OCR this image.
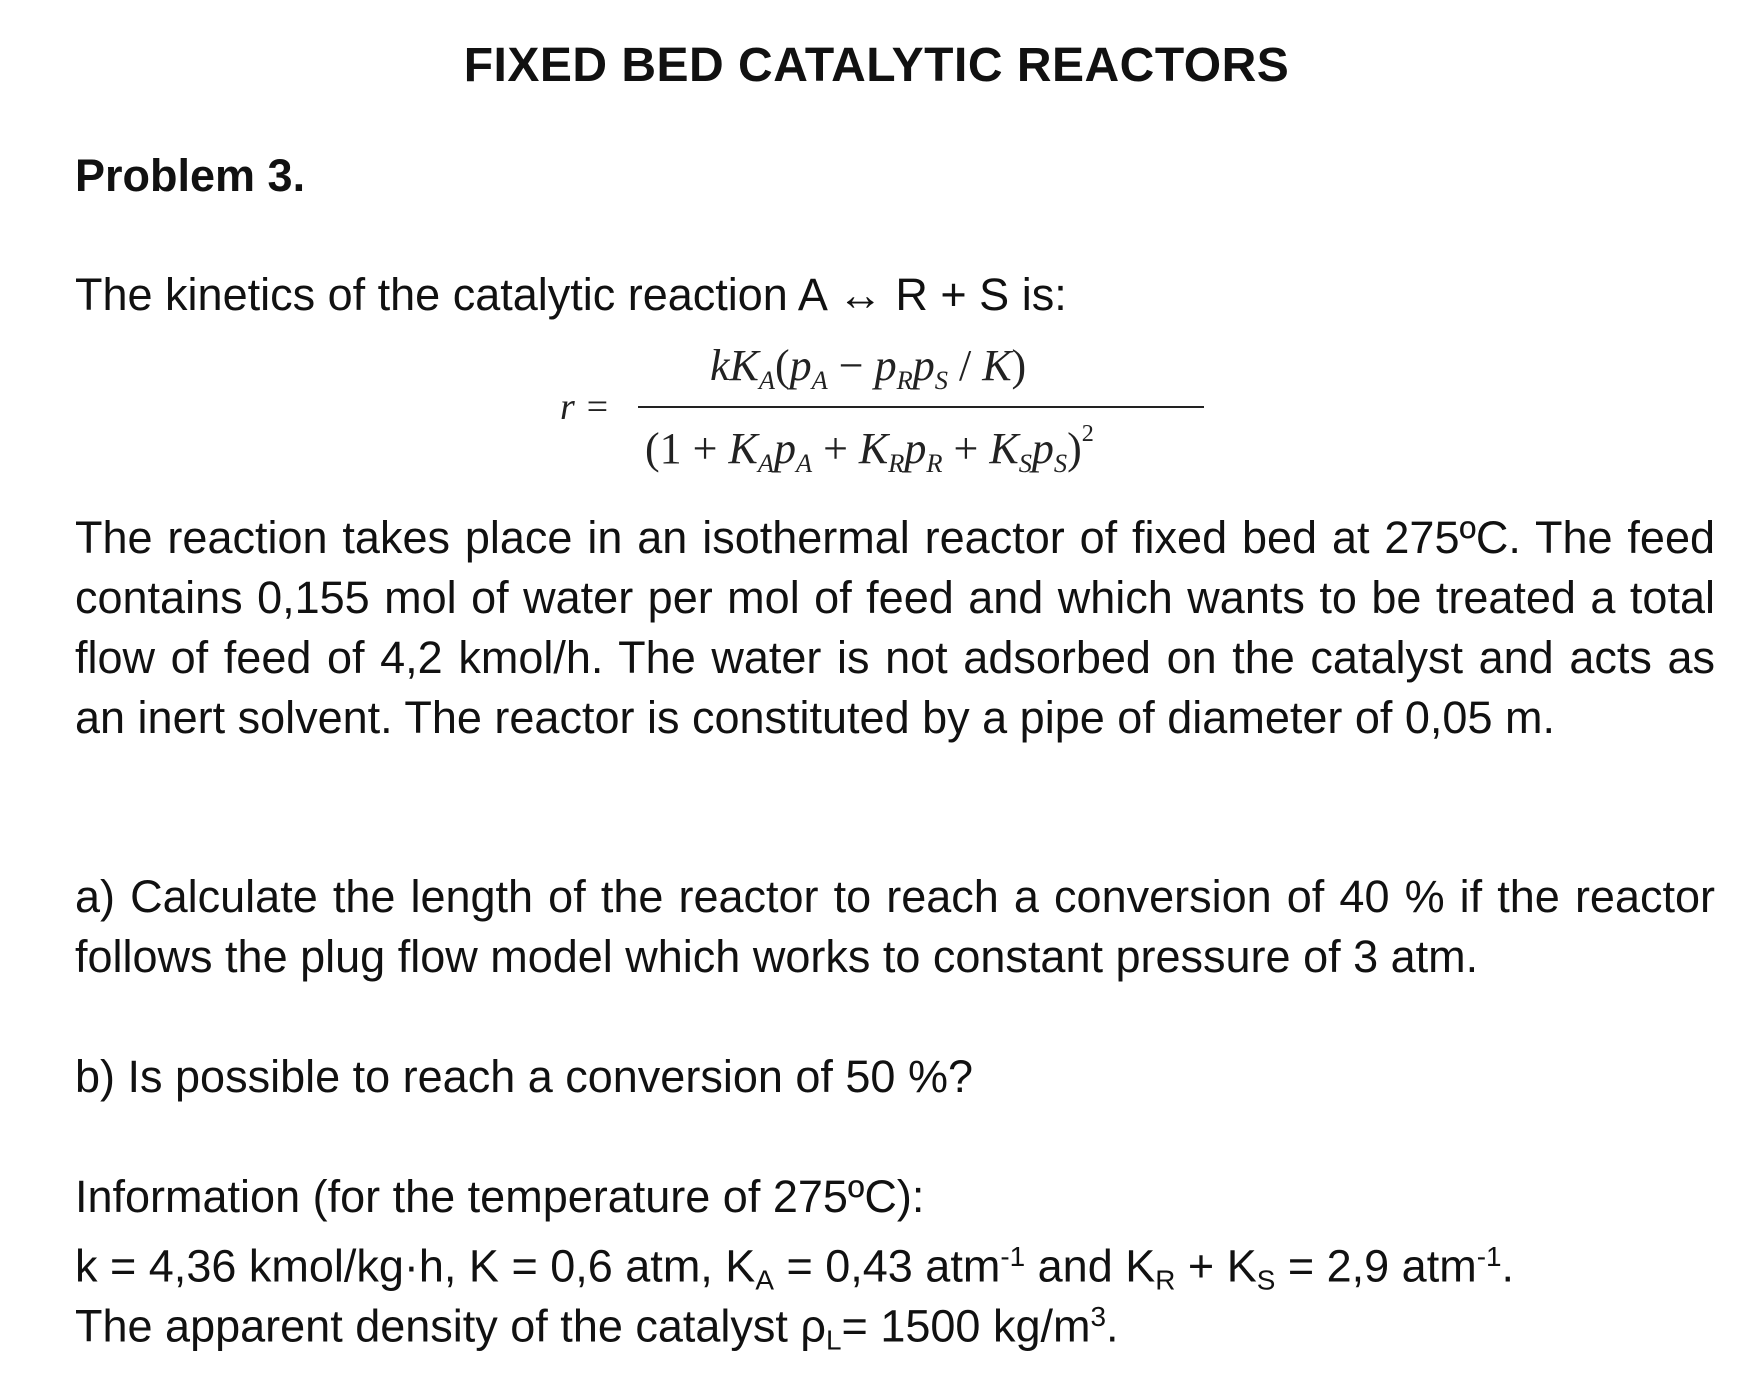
FIXED BED CATALYTIC REACTORS
Problem 3.

The kinetics of the catalytic reaction A ↔ R + S is:

r =
$kK_A(p_A - p_Rp_S / K)$
$(1 + K_Ap_A + K_Rp_R + K_Sp_S)^2$

The reaction takes place in an isothermal reactor of fixed bed at 275ºC. The feed contains 0,155 mol of water per mol of feed and which wants to be treated a total flow of feed of 4,2 kmol/h. The water is not adsorbed on the catalyst and acts as an inert solvent. The reactor is constituted by a pipe of diameter of 0,05 m.

a) Calculate the length of the reactor to reach a conversion of 40 % if the reactor follows the plug flow model which works to constant pressure of 3 atm.

b) Is possible to reach a conversion of 50 %?

Information (for the temperature of 275ºC):

k = 4,36 kmol/kg·h, K = 0,6 atm, $K_A = 0,43$ atm$^{-1}$ and $K_R + K_S = 2,9$ atm$^{-1}$.

The apparent density of the catalyst $\rho_L= 1500$ $kg/m^3$.
